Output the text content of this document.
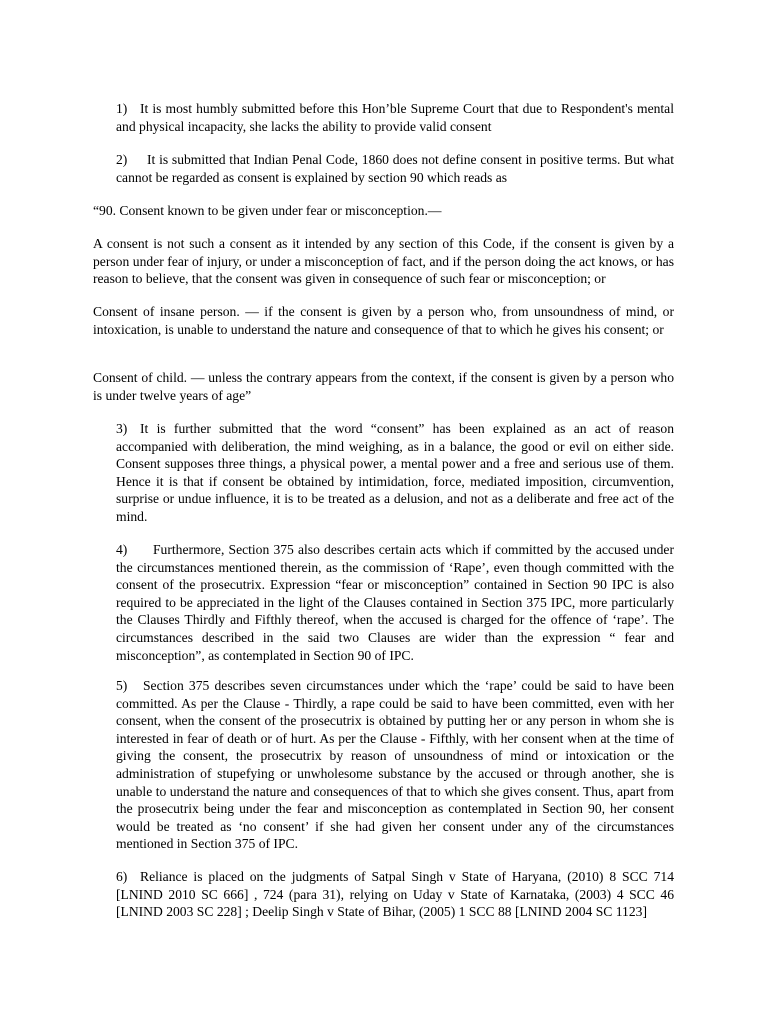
1) It is most humbly submitted before this Hon’ble Supreme Court that due to Respondent's mental and physical incapacity, she lacks the ability to provide valid consent

2) It is submitted that Indian Penal Code, 1860 does not define consent in positive terms. But what cannot be regarded as consent is explained by section 90 which reads as

“90. Consent known to be given under fear or misconception.—

A consent is not such a consent as it intended by any section of this Code, if the consent is given by a person under fear of injury, or under a misconception of fact, and if the person doing the act knows, or has reason to believe, that the consent was given in consequence of such fear or misconception; or

Consent of insane person. — if the consent is given by a person who, from unsoundness of mind, or intoxication, is unable to understand the nature and consequence of that to which he gives his consent; or

Consent of child. — unless the contrary appears from the context, if the consent is given by a person who is under twelve years of age”

3) It is further submitted that the word “consent” has been explained as an act of reason accompanied with deliberation, the mind weighing, as in a balance, the good or evil on either side. Consent supposes three things, a physical power, a mental power and a free and serious use of them. Hence it is that if consent be obtained by intimidation, force, mediated imposition, circumvention, surprise or undue influence, it is to be treated as a delusion, and not as a deliberate and free act of the mind.

4) Furthermore, Section 375 also describes certain acts which if committed by the accused under the circumstances mentioned therein, as the commission of ‘Rape’, even though committed with the consent of the prosecutrix. Expression “fear or misconception” contained in Section 90 IPC is also required to be appreciated in the light of the Clauses contained in Section 375 IPC, more particularly the Clauses Thirdly and Fifthly thereof, when the accused is charged for the offence of ‘rape’. The circumstances described in the said two Clauses are wider than the expression “ fear and misconception”, as contemplated in Section 90 of IPC.

5) Section 375 describes seven circumstances under which the ‘rape’ could be said to have been committed. As per the Clause - Thirdly, a rape could be said to have been committed, even with her consent, when the consent of the prosecutrix is obtained by putting her or any person in whom she is interested in fear of death or of hurt. As per the Clause - Fifthly, with her consent when at the time of giving the consent, the prosecutrix by reason of unsoundness of mind or intoxication or the administration of stupefying or unwholesome substance by the accused or through another, she is unable to understand the nature and consequences of that to which she gives consent. Thus, apart from the prosecutrix being under the fear and misconception as contemplated in Section 90, her consent would be treated as ‘no consent’ if she had given her consent under any of the circumstances mentioned in Section 375 of IPC.

6) Reliance is placed on the judgments of Satpal Singh v State of Haryana, (2010) 8 SCC 714 [LNIND 2010 SC 666] , 724 (para 31), relying on Uday v State of Karnataka, (2003) 4 SCC 46 [LNIND 2003 SC 228] ; Deelip Singh v State of Bihar, (2005) 1 SCC 88 [LNIND 2004 SC 1123]
